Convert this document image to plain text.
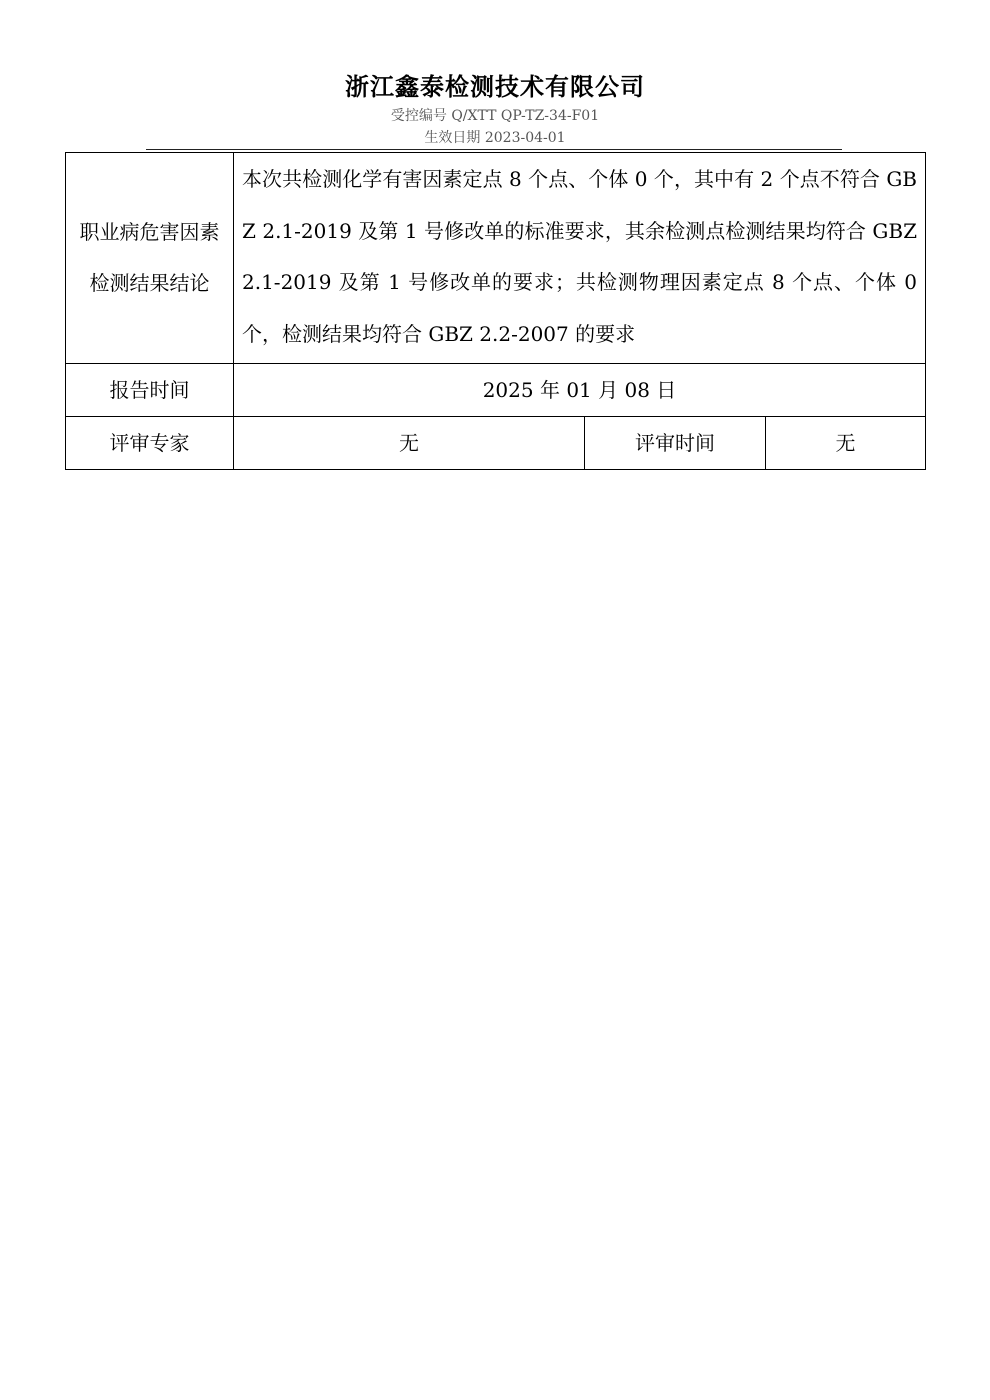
浙江鑫泰检测技术有限公司
受控编号 Q/XTT QP-TZ-34-F01
生效日期 2023-04-01
职业病危害因素检测结果结论	本次共检测化学有害因素定点 8 个点、个体 0 个，其中有 2 个点不符合 GBZ 2.1-2019 及第 1 号修改单的标准要求，其余检测点检测结果均符合 GBZ 2.1-2019 及第 1 号修改单的要求；共检测物理因素定点 8 个点、个体 0 个，检测结果均符合 GBZ 2.2-2007 的要求		
报告时间	2025 年 01 月 08 日		
评审专家	无	评审时间	无
